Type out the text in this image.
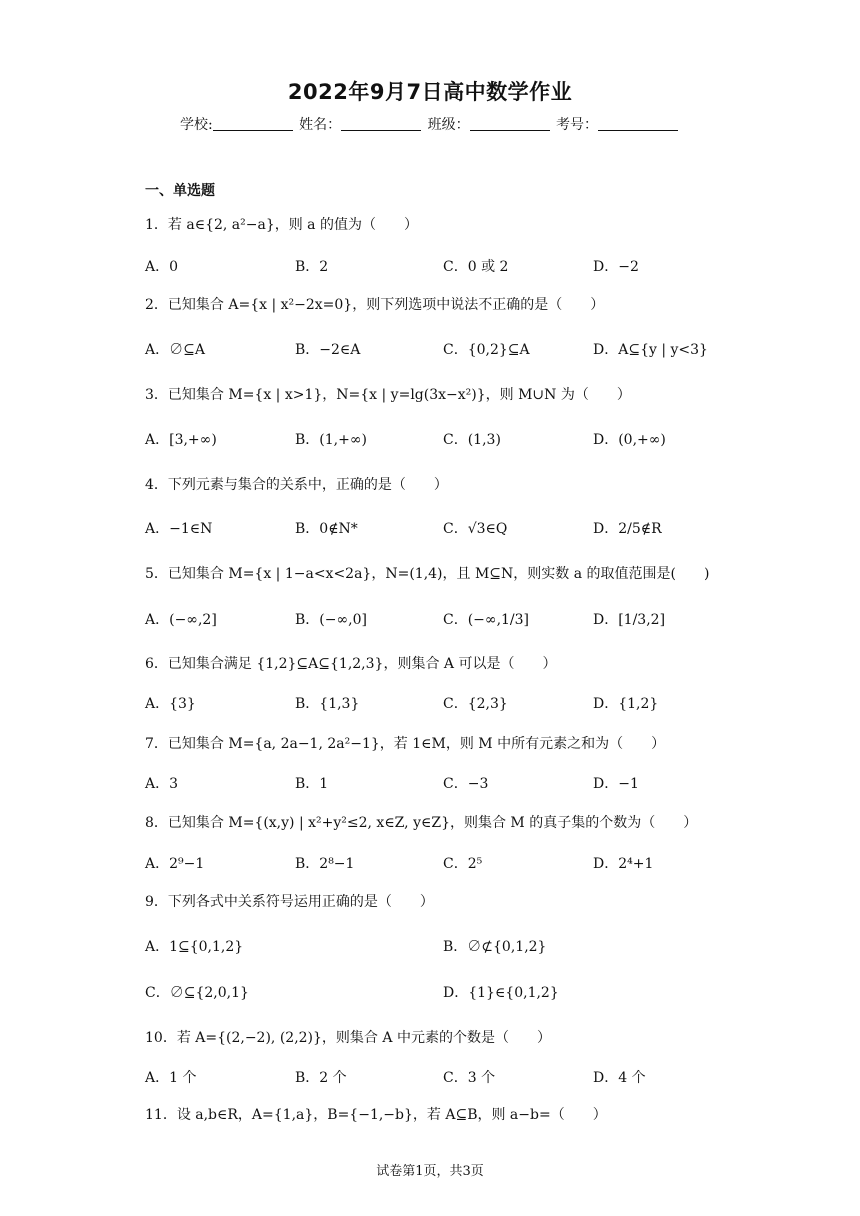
2022年9月7日高中数学作业
学校:	姓名：	班级：	考号：
一、单选题
1．若 a∈{2, a²−a}，则 a 的值为（　　）
A．0	B．2	C．0 或 2	D．−2
2．已知集合 A={x | x²−2x=0}，则下列选项中说法不正确的是（　　）
A．∅⊆A	B．−2∈A	C．{0,2}⊆A	D．A⊆{y | y<3}
3．已知集合 M={x | x>1}，N={x | y=lg(3x−x²)}，则 M∪N 为（　　）
A．[3,+∞)	B．(1,+∞)	C．(1,3)	D．(0,+∞)
4．下列元素与集合的关系中，正确的是（　　）
A．−1∈N	B．0∉N*	C．√3∈Q	D．2/5∉R
5．已知集合 M={x | 1−a<x<2a}，N=(1,4)，且 M⊆N，则实数 a 的取值范围是(　　)
A．(−∞,2]	B．(−∞,0]	C．(−∞,1/3]	D．[1/3,2]
6．已知集合满足 {1,2}⊆A⊆{1,2,3}，则集合 A 可以是（　　）
A．{3}	B．{1,3}	C．{2,3}	D．{1,2}
7．已知集合 M={a, 2a−1, 2a²−1}，若 1∈M，则 M 中所有元素之和为（　　）
A．3	B．1	C．−3	D．−1
8．已知集合 M={(x,y) | x²+y²≤2, x∈Z, y∈Z}，则集合 M 的真子集的个数为（　　）
A．2⁹−1	B．2⁸−1	C．2⁵	D．2⁴+1
9．下列各式中关系符号运用正确的是（　　）
A．1⊆{0,1,2}	B．∅⊄{0,1,2}
C．∅⊆{2,0,1}	D．{1}∈{0,1,2}
10．若 A={(2,−2), (2,2)}，则集合 A 中元素的个数是（　　）
A．1 个	B．2 个	C．3 个	D．4 个
11．设 a,b∈R，A={1,a}，B={−1,−b}，若 A⊆B，则 a−b=（　　）
试卷第1页，共3页
